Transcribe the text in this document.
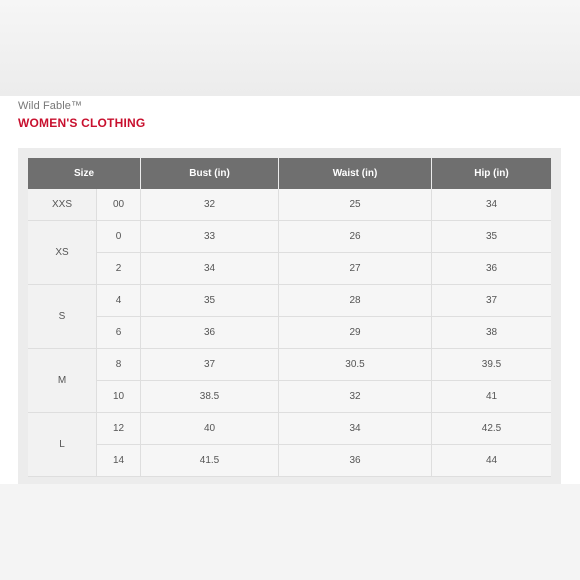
Wild Fable™
WOMEN'S CLOTHING
Size		Bust (in)	Waist (in)	Hip (in)
XXS	00	32	25	34
XS	0	33	26	35
	2	34	27	36
S	4	35	28	37
	6	36	29	38
M	8	37	30.5	39.5
	10	38.5	32	41
L	12	40	34	42.5
	14	41.5	36	44
